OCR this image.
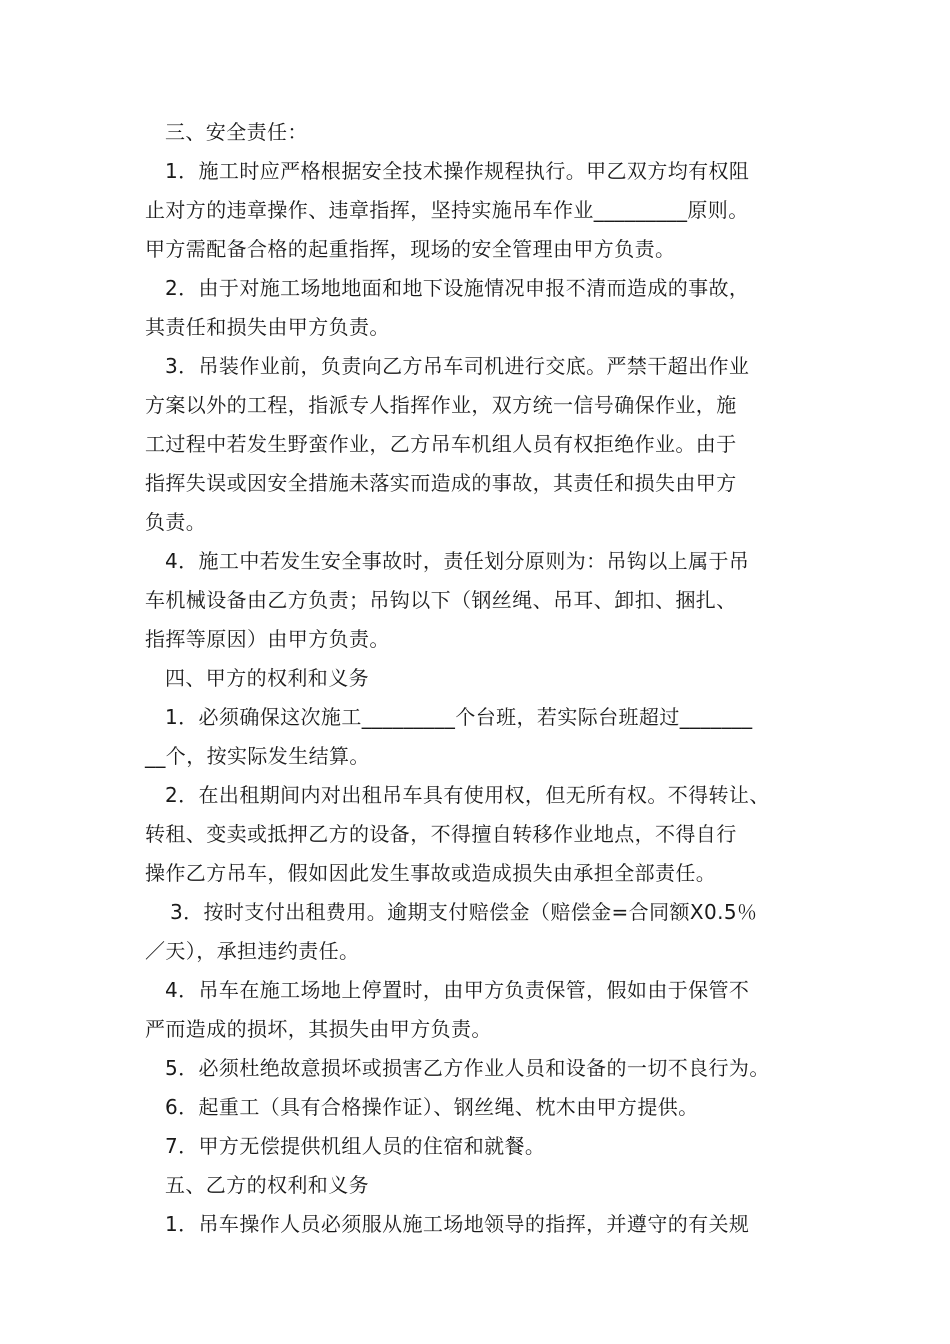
三、安全责任：
1．施工时应严格根据安全技术操作规程执行。甲乙双方均有权阻
止对方的违章操作、违章指挥，坚持实施吊车作业_________原则。
甲方需配备合格的起重指挥，现场的安全管理由甲方负责。
2．由于对施工场地地面和地下设施情况申报不清而造成的事故，
其责任和损失由甲方负责。
3．吊装作业前，负责向乙方吊车司机进行交底。严禁干超出作业
方案以外的工程，指派专人指挥作业，双方统一信号确保作业，施
工过程中若发生野蛮作业，乙方吊车机组人员有权拒绝作业。由于
指挥失误或因安全措施未落实而造成的事故，其责任和损失由甲方
负责。
4．施工中若发生安全事故时，责任划分原则为：吊钩以上属于吊
车机械设备由乙方负责；吊钩以下（钢丝绳、吊耳、卸扣、捆扎、
指挥等原因）由甲方负责。
四、甲方的权利和义务
1．必须确保这次施工_________个台班，若实际台班超过_______
__个，按实际发生结算。
2．在出租期间内对出租吊车具有使用权，但无所有权。不得转让、
转租、变卖或抵押乙方的设备，不得擅自转移作业地点，不得自行
操作乙方吊车，假如因此发生事故或造成损失由承担全部责任。
3．按时支付出租费用。逾期支付赔偿金（赔偿金=合同额X0.5％
／天），承担违约责任。
4．吊车在施工场地上停置时，由甲方负责保管，假如由于保管不
严而造成的损坏，其损失由甲方负责。
5．必须杜绝故意损坏或损害乙方作业人员和设备的一切不良行为。
6．起重工（具有合格操作证）、钢丝绳、枕木由甲方提供。
7．甲方无偿提供机组人员的住宿和就餐。
五、乙方的权利和义务
1．吊车操作人员必须服从施工场地领导的指挥，并遵守的有关规
